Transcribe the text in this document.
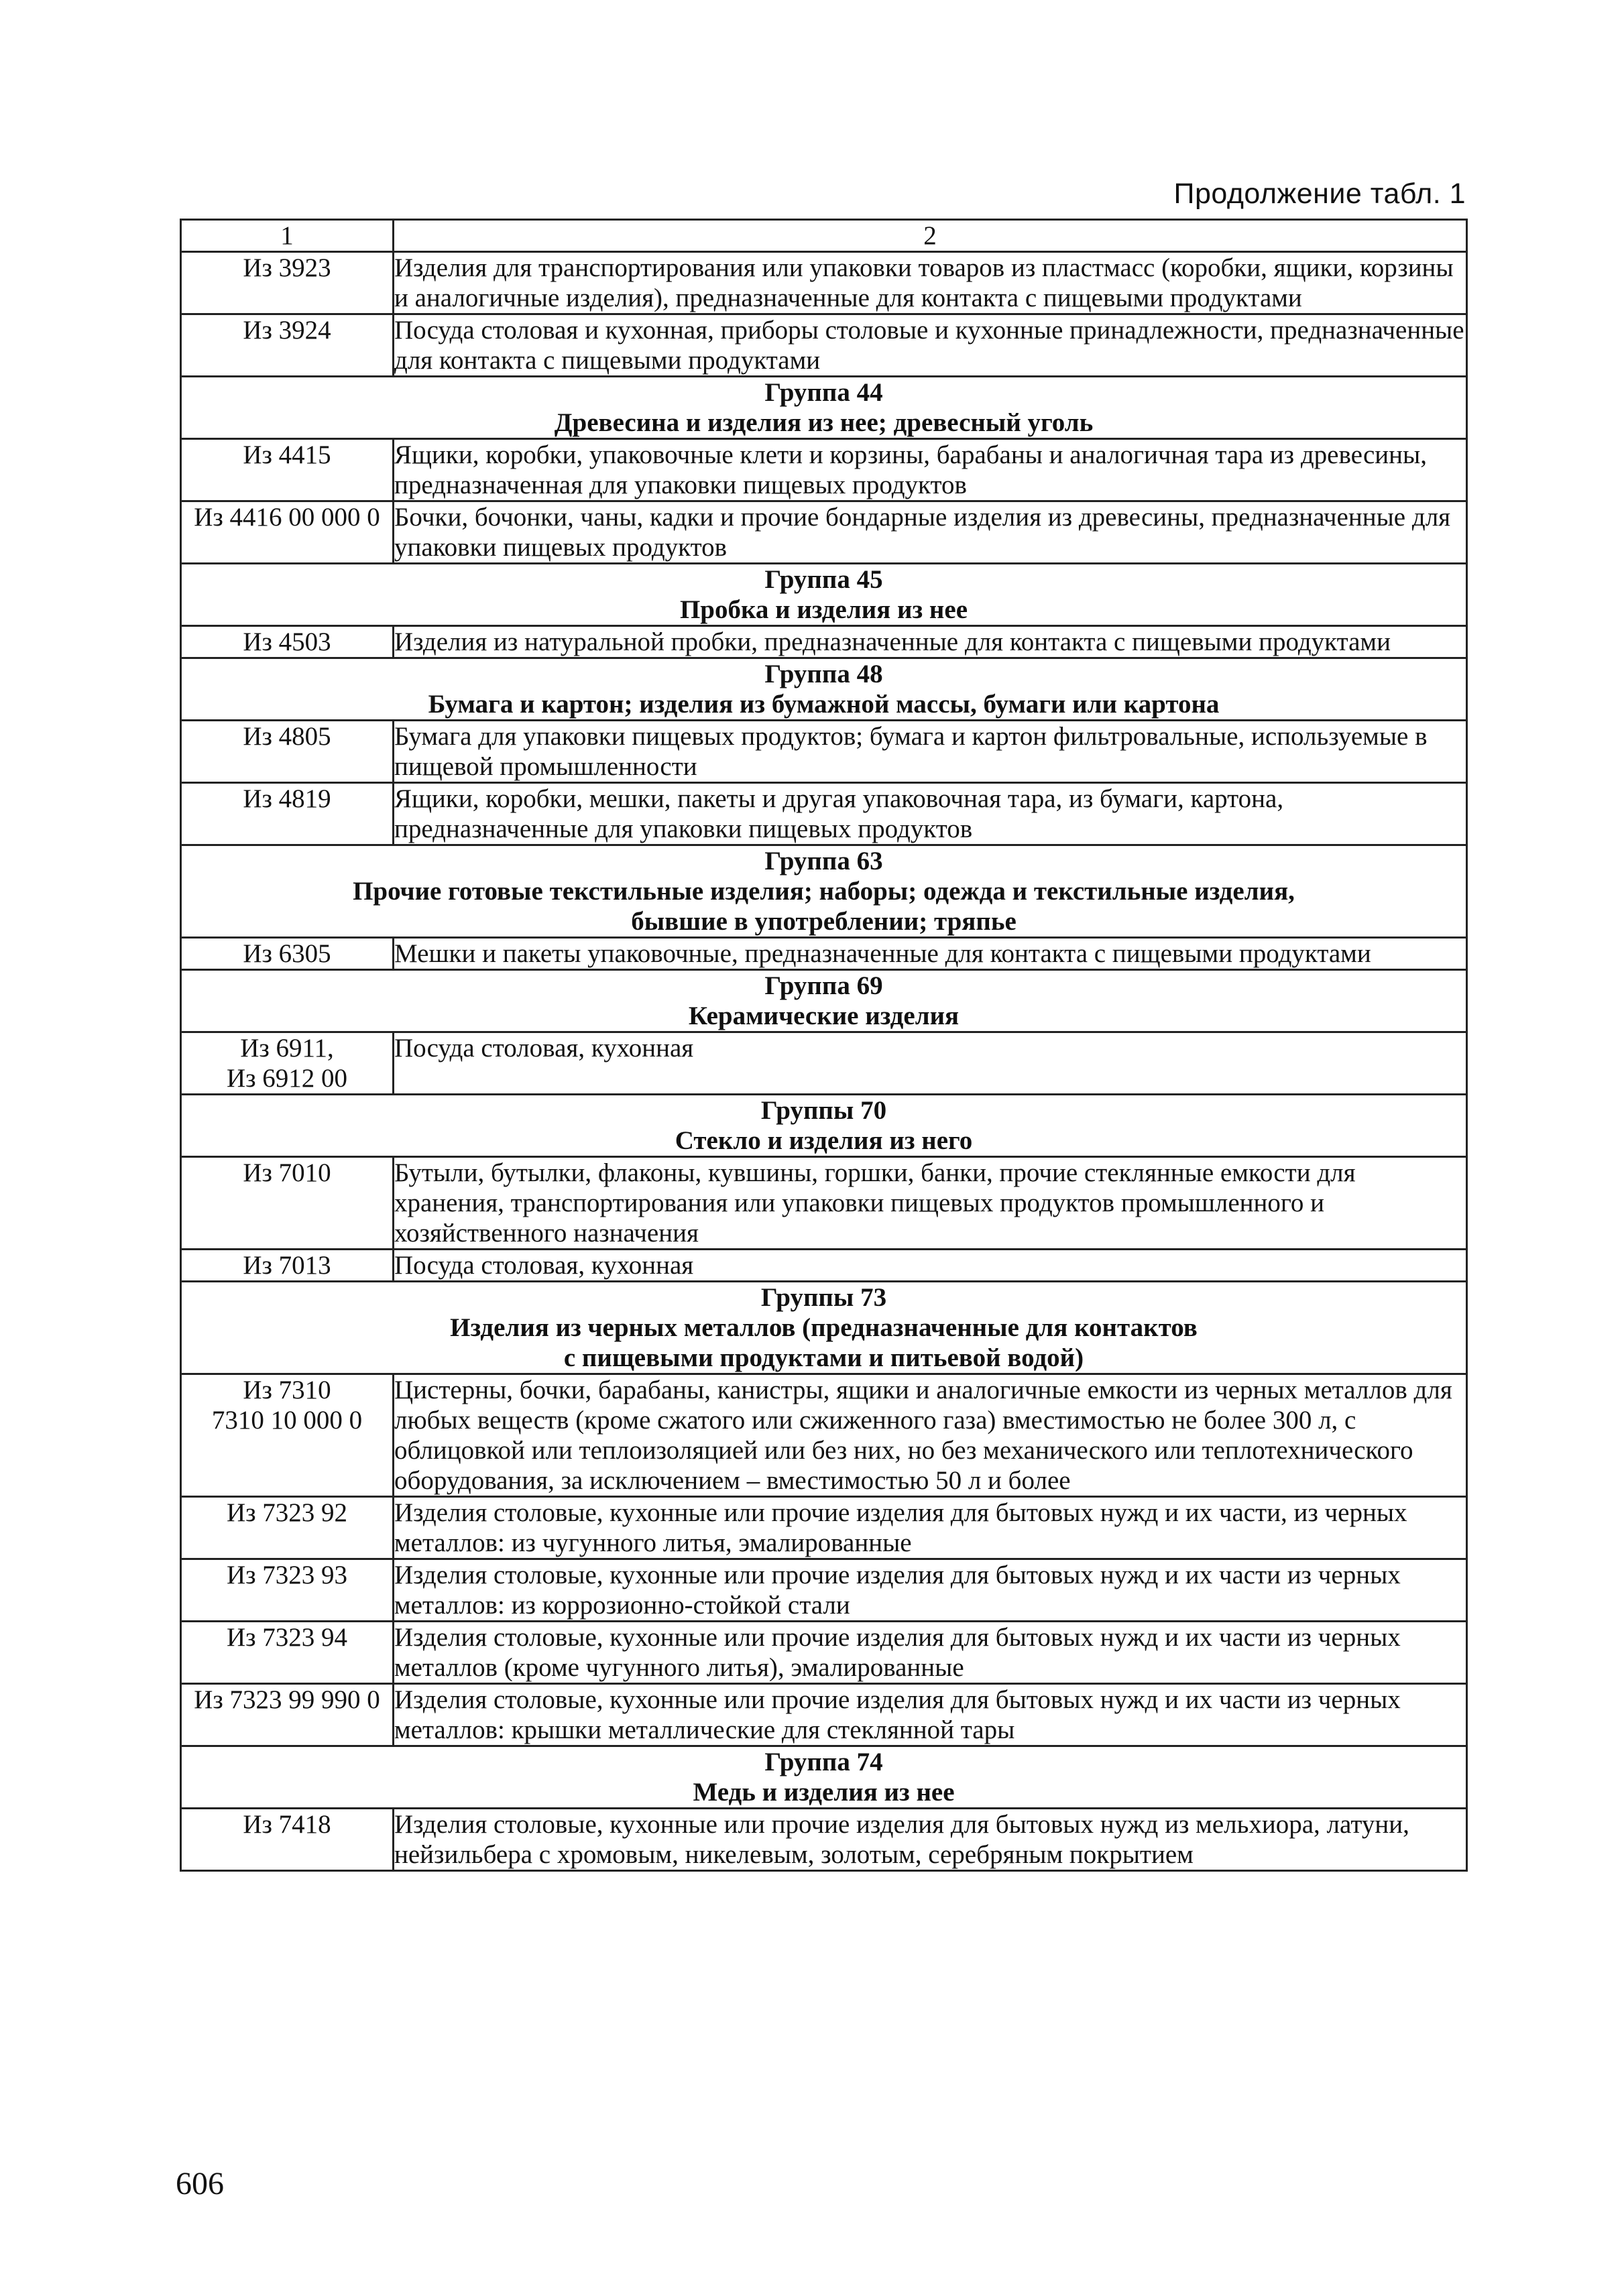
Продолжение табл. 1
1	2
Из 3923	Изделия для транспортирования или упаковки товаров из пластмасс (коробки, ящики, корзины и аналогичные изделия), предназначенные для контакта с пищевыми продуктами
Из 3924	Посуда столовая и кухонная, приборы столовые и кухонные принадлежности, предназначенные для контакта с пищевыми продуктами

Группа 44
Древесина и изделия из нее; древесный уголь	

Из 4415	Ящики, коробки, упаковочные клети и корзины, барабаны и аналогичная тара из древесины, предназначенная для упаковки пищевых продуктов
Из 4416 00 000 0	Бочки, бочонки, чаны, кадки и прочие бондарные изделия из древесины, предназначенные для упаковки пищевых продуктов

Группа 45
Пробка и изделия из нее	

Из 4503	Изделия из натуральной пробки, предназначенные для контакта с пищевыми продуктами

Группа 48
Бумага и картон; изделия из бумажной массы, бумаги или картона	

Из 4805	Бумага для упаковки пищевых продуктов; бумага и картон фильтровальные, используемые в пищевой промышленности
Из 4819	Ящики, коробки, мешки, пакеты и другая упаковочная тара, из бумаги, картона, предназначенные для упаковки пищевых продуктов

Группа 63
Прочие готовые текстильные изделия; наборы; одежда и текстильные изделия,
бывшие в употреблении; тряпье	

Из 6305	Мешки и пакеты упаковочные, предназначенные для контакта с пищевыми продуктами

Группа 69
Керамические изделия	

Из 6911,
Из 6912 00	Посуда столовая, кухонная

Группы 70
Стекло и изделия из него	

Из 7010	Бутыли, бутылки, флаконы, кувшины, горшки, банки, прочие стеклянные емкости для хранения, транспортирования или упаковки пищевых продуктов промышленного и хозяйственного назначения
Из 7013	Посуда столовая, кухонная

Группы 73
Изделия из черных металлов (предназначенные для контактов
с пищевыми продуктами и питьевой водой)	

Из 7310
7310 10 000 0	Цистерны, бочки, барабаны, канистры, ящики и аналогичные емкости из черных металлов для любых веществ (кроме сжатого или сжиженного газа) вместимостью не более 300 л, с облицовкой или теплоизоляцией или без них, но без механического или теплотехнического оборудования, за исключением – вместимостью 50 л и более
Из 7323 92	Изделия столовые, кухонные или прочие изделия для бытовых нужд и их части, из черных металлов: из чугунного литья, эмалированные
Из 7323 93	Изделия столовые, кухонные или прочие изделия для бытовых нужд и их части из черных металлов: из коррозионно-стойкой стали
Из 7323 94	Изделия столовые, кухонные или прочие изделия для бытовых нужд и их части из черных металлов (кроме чугунного литья), эмалированные
Из 7323 99 990 0	Изделия столовые, кухонные или прочие изделия для бытовых нужд и их части из черных металлов: крышки металлические для стеклянной тары

Группа 74
Медь и изделия из нее	

Из 7418	Изделия столовые, кухонные или прочие изделия для бытовых нужд из мельхиора, латуни, нейзильбера с хромовым, никелевым, золотым, серебряным покрытием
606
